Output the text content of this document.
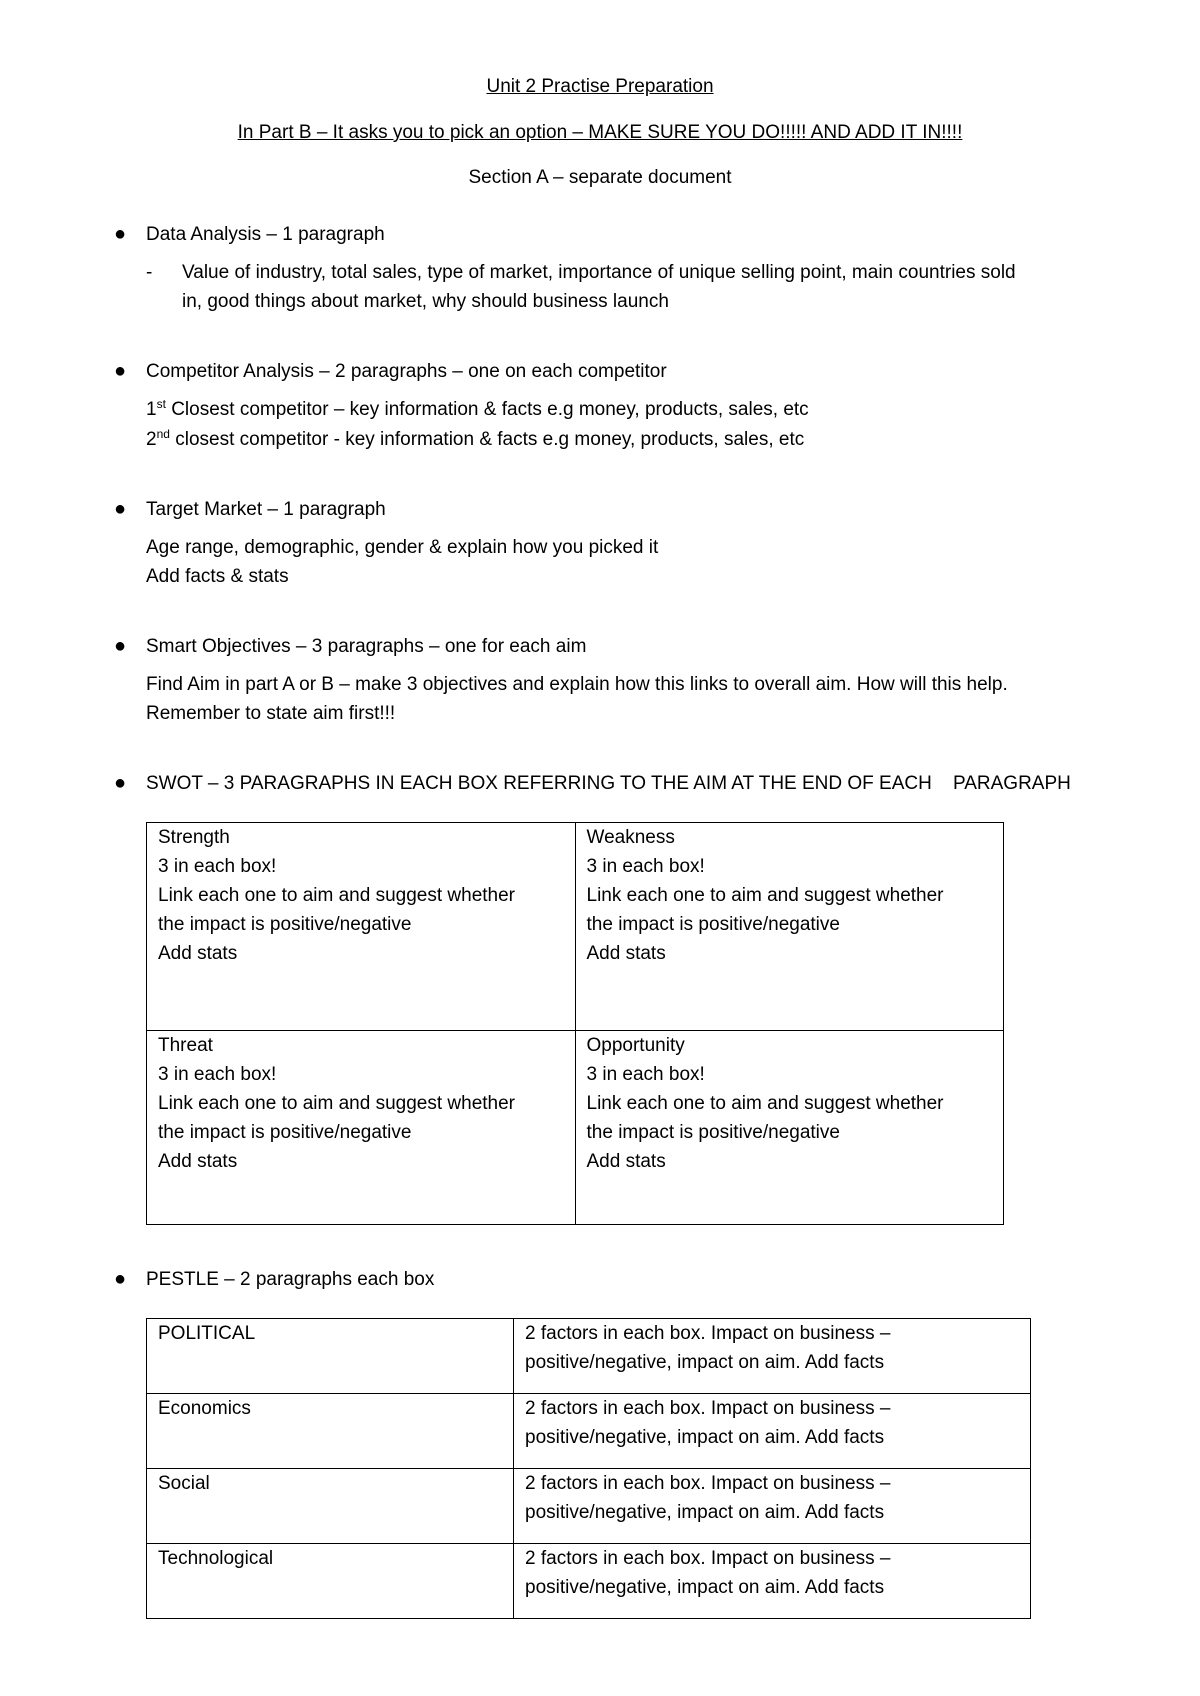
Unit 2 Practise Preparation
In Part B – It asks you to pick an option – MAKE SURE YOU DO!!!!! AND ADD IT IN!!!!
Section A – separate document
● Data Analysis – 1 paragraph
- Value of industry, total sales, type of market, importance of unique selling point, main countries sold
in, good things about market, why should business launch
● Competitor Analysis – 2 paragraphs – one on each competitor
1st Closest competitor – key information & facts e.g money, products, sales, etc
2nd closest competitor - key information & facts e.g money, products, sales, etc
● Target Market – 1 paragraph
Age range, demographic, gender & explain how you picked it
Add facts & stats
● Smart Objectives – 3 paragraphs – one for each aim
Find Aim in part A or B – make 3 objectives and explain how this links to overall aim. How will this help.
Remember to state aim first!!!
● SWOT – 3 PARAGRAPHS IN EACH BOX REFERRING TO THE AIM AT THE END OF EACH    PARAGRAPH
Strength
3 in each box!
Link each one to aim and suggest whether
the impact is positive/negative
Add stats	Weakness
3 in each box!
Link each one to aim and suggest whether
the impact is positive/negative
Add stats

Threat
3 in each box!
Link each one to aim and suggest whether
the impact is positive/negative
Add stats	Opportunity
3 in each box!
Link each one to aim and suggest whether
the impact is positive/negative
Add stats
● PESTLE – 2 paragraphs each box
POLITICAL	2 factors in each box. Impact on business –
positive/negative, impact on aim. Add facts

Economics	2 factors in each box. Impact on business –
positive/negative, impact on aim. Add facts

Social	2 factors in each box. Impact on business –
positive/negative, impact on aim. Add facts

Technological	2 factors in each box. Impact on business –
positive/negative, impact on aim. Add facts
